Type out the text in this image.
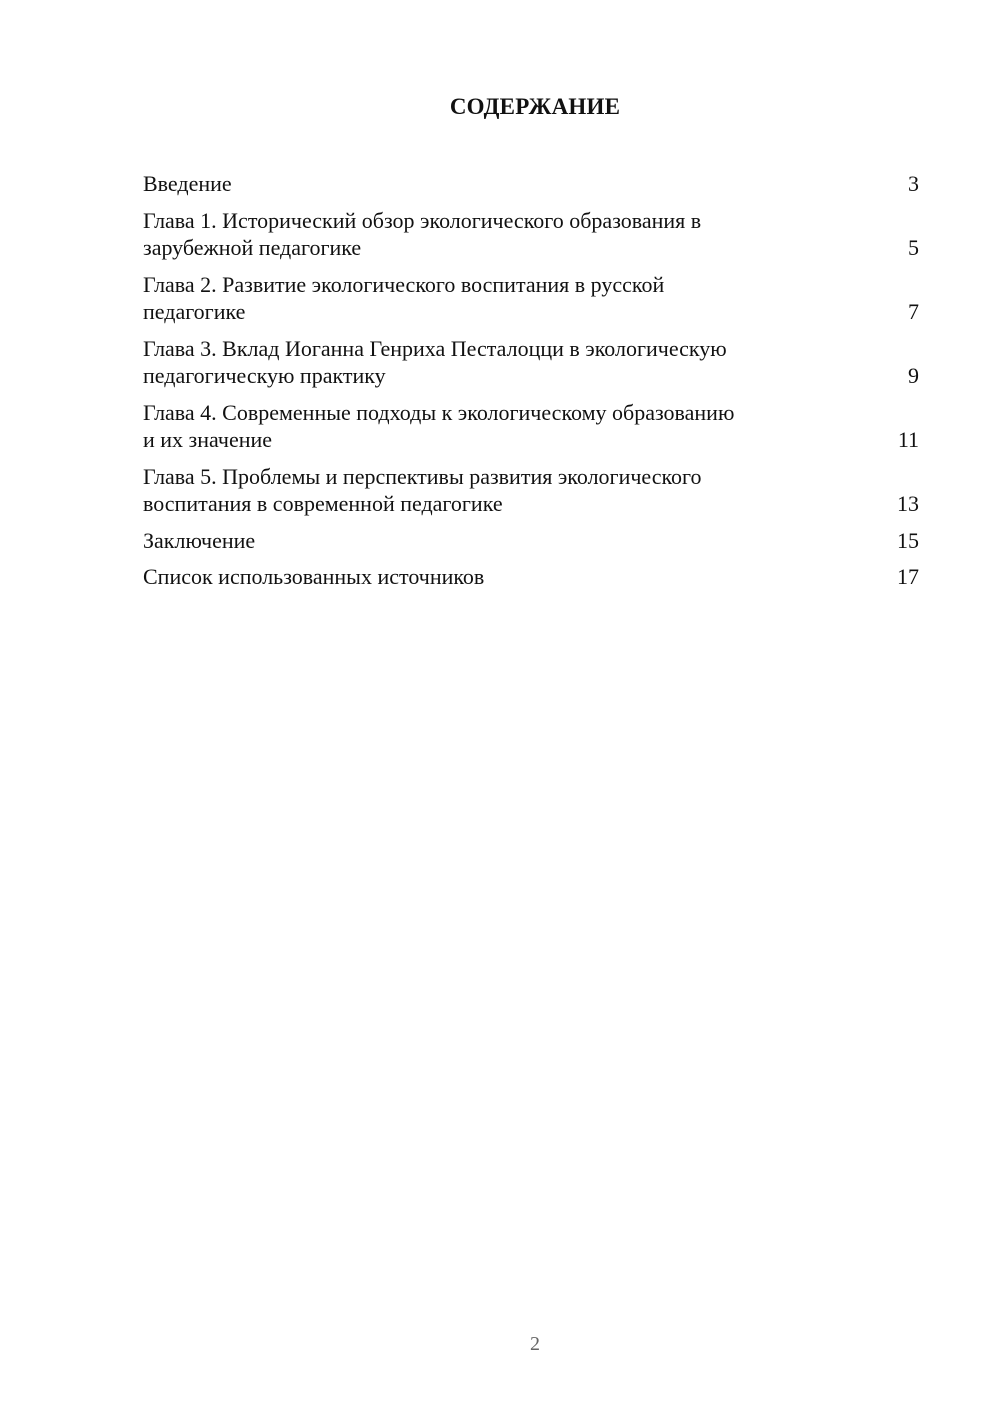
СОДЕРЖАНИЕ
Введение	3
Глава 1. Исторический обзор экологического образования в
зарубежной педагогике	5
Глава 2. Развитие экологического воспитания в русской
педагогике	7
Глава 3. Вклад Иоганна Генриха Песталоцци в экологическую
педагогическую практику	9
Глава 4. Современные подходы к экологическому образованию
и их значение	11
Глава 5. Проблемы и перспективы развития экологического
воспитания в современной педагогике	13
Заключение	15
Список использованных источников	17
2
